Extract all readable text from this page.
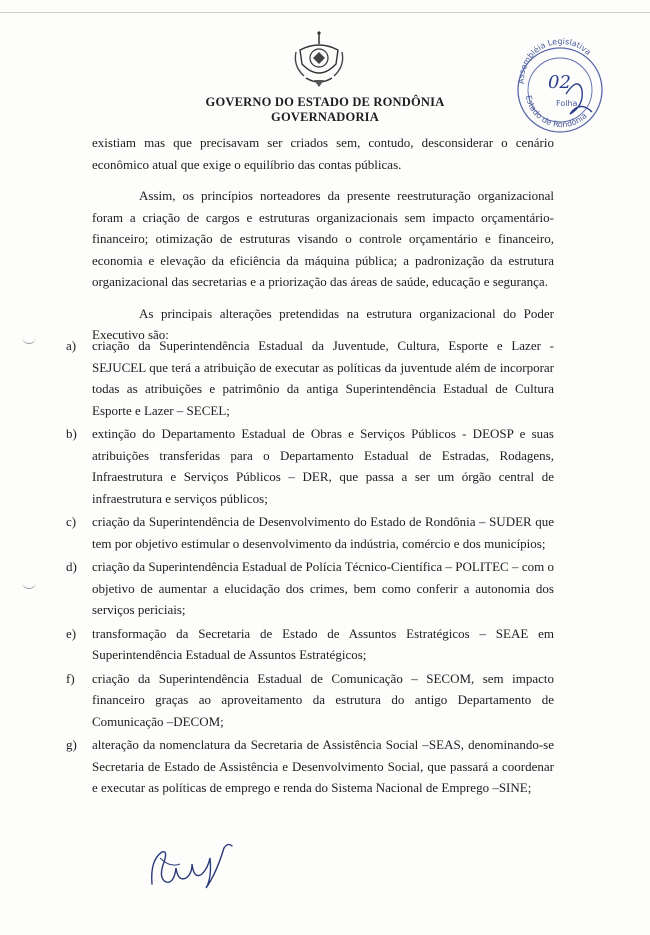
GOVERNO DO ESTADO DE RONDÔNIA
GOVERNADORIA
Assembléia Legislativa
Estado de Rondônia
02
Folha

existiam mas que precisavam ser criados sem, contudo, desconsiderar o cenário econômico atual que exige o equilíbrio das contas públicas.

Assim, os princípios norteadores da presente reestruturação organizacional foram a criação de cargos e estruturas organizacionais sem impacto orçamentário-financeiro; otimização de estruturas visando o controle orçamentário e financeiro, economia e elevação da eficiência da máquina pública; a padronização da estrutura organizacional das secretarias e a priorização das áreas de saúde, educação e segurança.

As principais alterações pretendidas na estrutura organizacional do Poder Executivo são:

a) criação da Superintendência Estadual da Juventude, Cultura, Esporte e Lazer - SEJUCEL que terá a atribuição de executar as políticas da juventude além de incorporar todas as atribuições e patrimônio da antiga Superintendência Estadual de Cultura Esporte e Lazer – SECEL;
b) extinção do Departamento Estadual de Obras e Serviços Públicos - DEOSP e suas atribuições transferidas para o Departamento Estadual de Estradas, Rodagens, Infraestrutura e Serviços Públicos – DER, que passa a ser um órgão central de infraestrutura e serviços públicos;
c) criação da Superintendência de Desenvolvimento do Estado de Rondônia – SUDER que tem por objetivo estimular o desenvolvimento da indústria, comércio e dos municípios;
d) criação da Superintendência Estadual de Polícia Técnico-Científica – POLITEC – com o objetivo de aumentar a elucidação dos crimes, bem como conferir a autonomia dos serviços periciais;
e) transformação da Secretaria de Estado de Assuntos Estratégicos – SEAE em Superintendência Estadual de Assuntos Estratégicos;
f) criação da Superintendência Estadual de Comunicação – SECOM, sem impacto financeiro graças ao aproveitamento da estrutura do antigo Departamento de Comunicação –DECOM;
g) alteração da nomenclatura da Secretaria de Assistência Social –SEAS, denominando-se Secretaria de Estado de Assistência e Desenvolvimento Social, que passará a coordenar e executar as políticas de emprego e renda do Sistema Nacional de Emprego –SINE;
